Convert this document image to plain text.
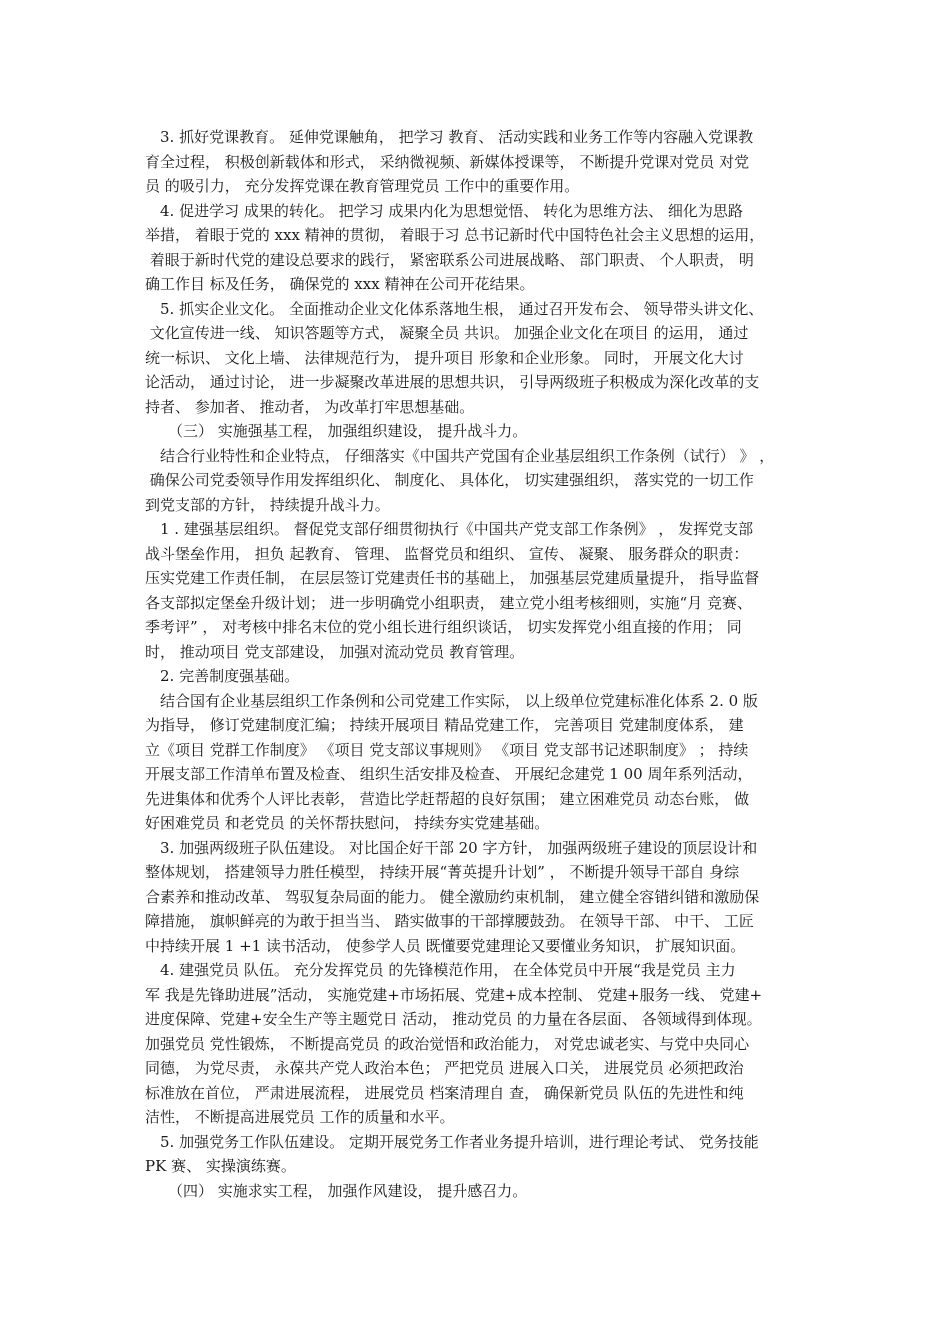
3. 抓好党课教育。 延伸党课触角， 把学习 教育、 活动实践和业务工作等内容融入党课教
育全过程， 积极创新载体和形式， 采纳微视频、新媒体授课等， 不断提升党课对党员 对党
员 的吸引力， 充分发挥党课在教育管理党员 工作中的重要作用。
4. 促进学习 成果的转化。 把学习 成果内化为思想觉悟、 转化为思维方法、 细化为思路
举措， 着眼于党的 xxx 精神的贯彻， 着眼于习 总书记新时代中国特色社会主义思想的运用，
着眼于新时代党的建设总要求的践行， 紧密联系公司进展战略、 部门职责、 个人职责， 明
确工作目 标及任务， 确保党的 xxx 精神在公司开花结果。
5. 抓实企业文化。 全面推动企业文化体系落地生根， 通过召开发布会、 领导带头讲文化、
文化宣传进一线、 知识答题等方式， 凝聚全员 共识。 加强企业文化在项目 的运用， 通过
统一标识、 文化上墙、 法律规范行为， 提升项目 形象和企业形象。 同时， 开展文化大讨
论活动， 通过讨论， 进一步凝聚改革进展的思想共识， 引导两级班子积极成为深化改革的支
持者、 参加者、 推动者， 为改革打牢思想基础。
（三） 实施强基工程， 加强组织建设， 提升战斗力。
结合行业特性和企业特点， 仔细落实《中国共产党国有企业基层组织工作条例（试行） 》 ，
确保公司党委领导作用发挥组织化、 制度化、 具体化， 切实建强组织， 落实党的一切工作
到党支部的方针， 持续提升战斗力。
1 . 建强基层组织。 督促党支部仔细贯彻执行《中国共产党支部工作条例》 ， 发挥党支部
战斗堡垒作用， 担负 起教育、 管理、 监督党员和组织、 宣传、 凝聚、 服务群众的职责：
压实党建工作责任制， 在层层签订党建责任书的基础上， 加强基层党建质量提升， 指导监督
各支部拟定堡垒升级计划； 进一步明确党小组职责， 建立党小组考核细则，实施“月 竞赛、
季考评” ， 对考核中排名末位的党小组长进行组织谈话， 切实发挥党小组直接的作用； 同
时， 推动项目 党支部建设， 加强对流动党员 教育管理。
2. 完善制度强基础。
结合国有企业基层组织工作条例和公司党建工作实际， 以上级单位党建标准化体系 2. 0 版
为指导， 修订党建制度汇编； 持续开展项目 精品党建工作， 完善项目 党建制度体系， 建
立《项目 党群工作制度》 《项目 党支部议事规则》 《项目 党支部书记述职制度》 ； 持续
开展支部工作清单布置及检查、 组织生活安排及检查、 开展纪念建党 1 00 周年系列活动，
先进集体和优秀个人评比表彰， 营造比学赶帮超的良好氛围； 建立困难党员 动态台账， 做
好困难党员 和老党员 的关怀帮扶慰问， 持续夯实党建基础。
3. 加强两级班子队伍建设。 对比国企好干部 20 字方针， 加强两级班子建设的顶层设计和
整体规划， 搭建领导力胜任模型， 持续开展“菁英提升计划” ， 不断提升领导干部自 身综
合素养和推动改革、 驾驭复杂局面的能力。 健全激励约束机制， 建立健全容错纠错和激励保
障措施， 旗帜鲜亮的为敢于担当当、 踏实做事的干部撑腰鼓劲。 在领导干部、 中干、 工匠
中持续开展 1 +1 读书活动， 使参学人员 既懂要党建理论又要懂业务知识， 扩展知识面。
4. 建强党员 队伍。 充分发挥党员 的先锋模范作用， 在全体党员中开展“我是党员 主力
军 我是先锋助进展”活动， 实施党建+市场拓展、党建+成本控制、 党建+服务一线、 党建+
进度保障、党建+安全生产等主题党日 活动， 推动党员 的力量在各层面、 各领域得到体现。
加强党员 党性锻炼， 不断提高党员 的政治觉悟和政治能力， 对党忠诚老实、与党中央同心
同德， 为党尽责， 永葆共产党人政治本色； 严把党员 进展入口关， 进展党员 必须把政治
标准放在首位， 严肃进展流程， 进展党员 档案清理自 查， 确保新党员 队伍的先进性和纯
洁性， 不断提高进展党员 工作的质量和水平。
5. 加强党务工作队伍建设。 定期开展党务工作者业务提升培训，进行理论考试、 党务技能
PK 赛、 实操演练赛。
（四） 实施求实工程， 加强作风建设， 提升感召力。
